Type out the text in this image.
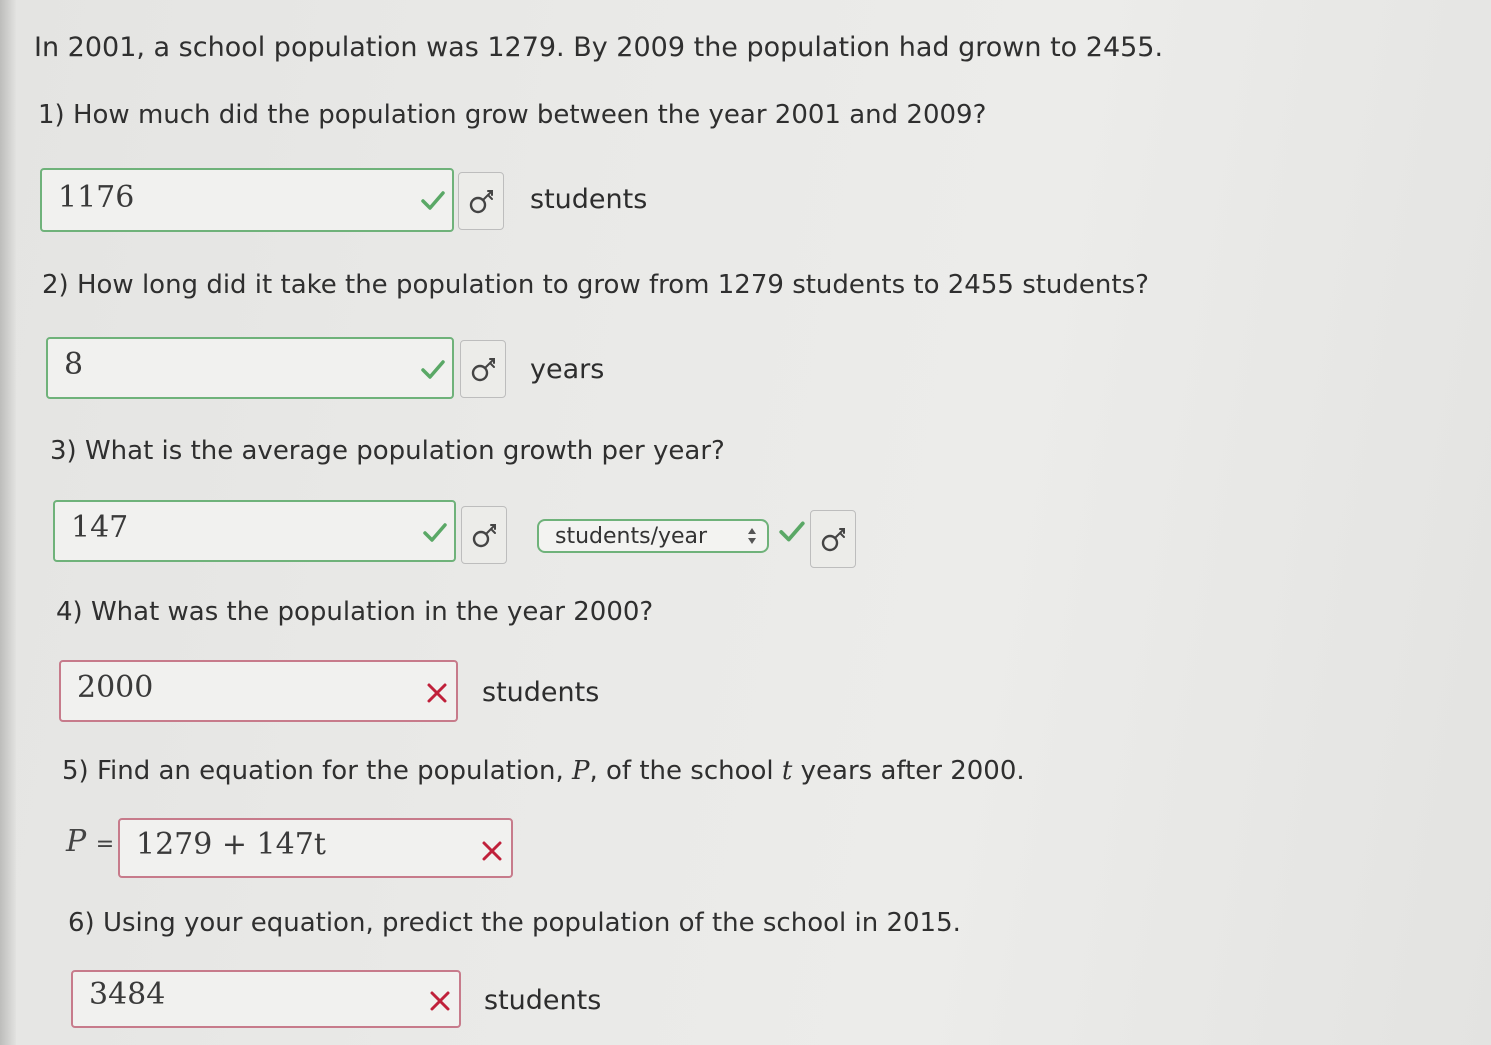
In 2001, a school population was 1279. By 2009 the population had grown to 2455.
1) How much did the population grow between the year 2001 and 2009?
1176	students
2) How long did it take the population to grow from 1279 students to 2455 students?
8	years
3) What is the average population growth per year?
147	students/year
4) What was the population in the year 2000?
2000	students
5) Find an equation for the population, P, of the school t years after 2000.
P = 1279 + 147t
6) Using your equation, predict the population of the school in 2015.
3484	students
